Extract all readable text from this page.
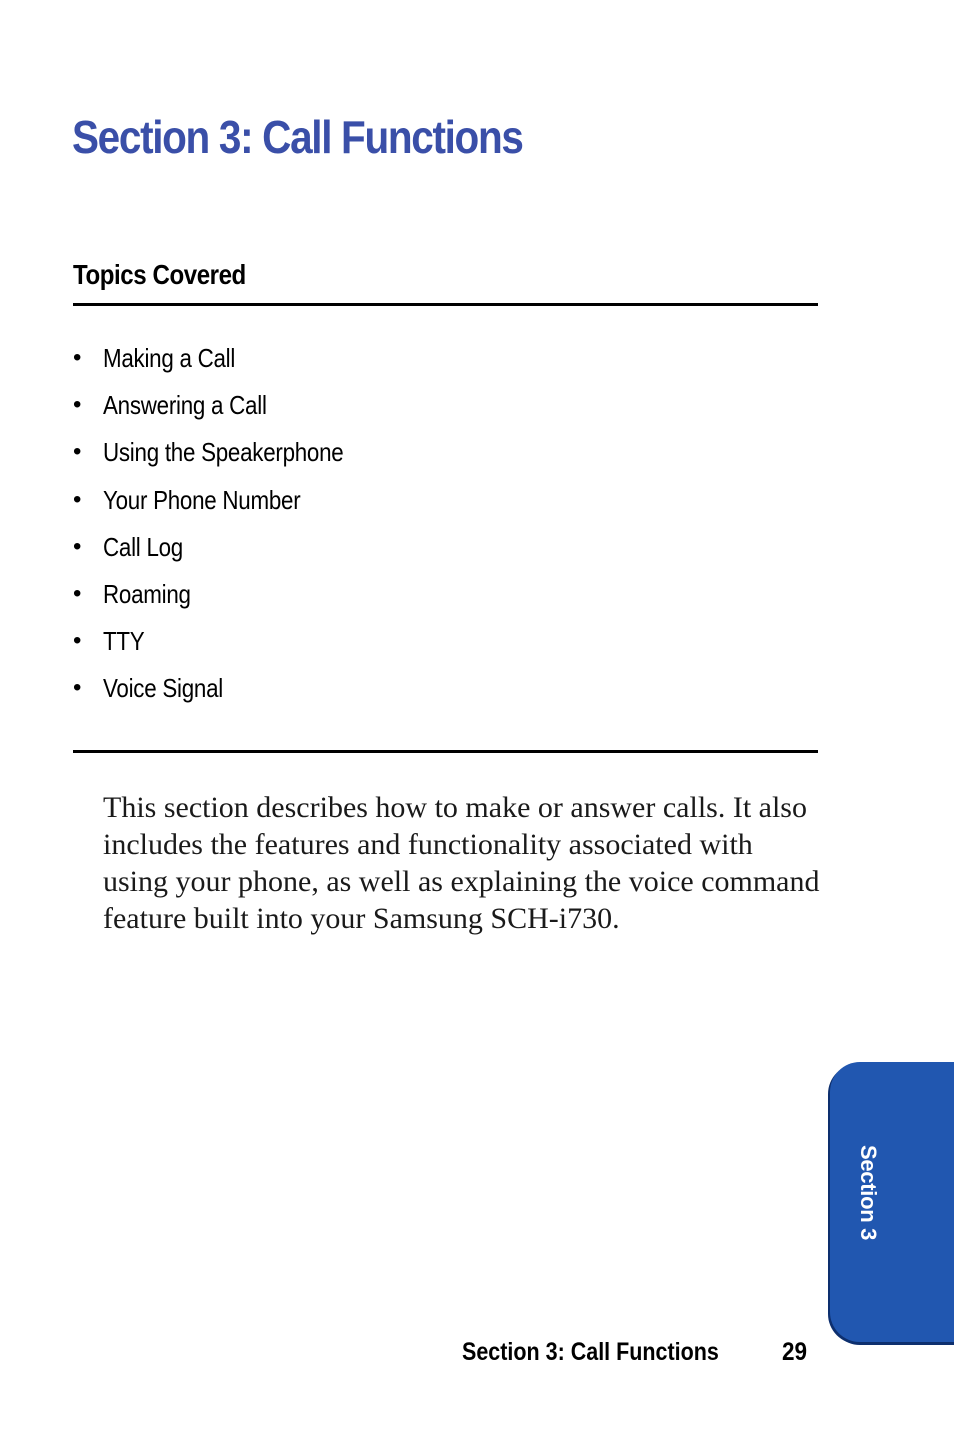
Section 3: Call Functions
Topics Covered
• Making a Call
• Answering a Call
• Using the Speakerphone
• Your Phone Number
• Call Log
• Roaming
• TTY
• Voice Signal

This section describes how to make or answer calls. It also includes the features and functionality associated with using your phone, as well as explaining the voice command feature built into your Samsung SCH-i730.

Section 3
Section 3: Call Functions	29
